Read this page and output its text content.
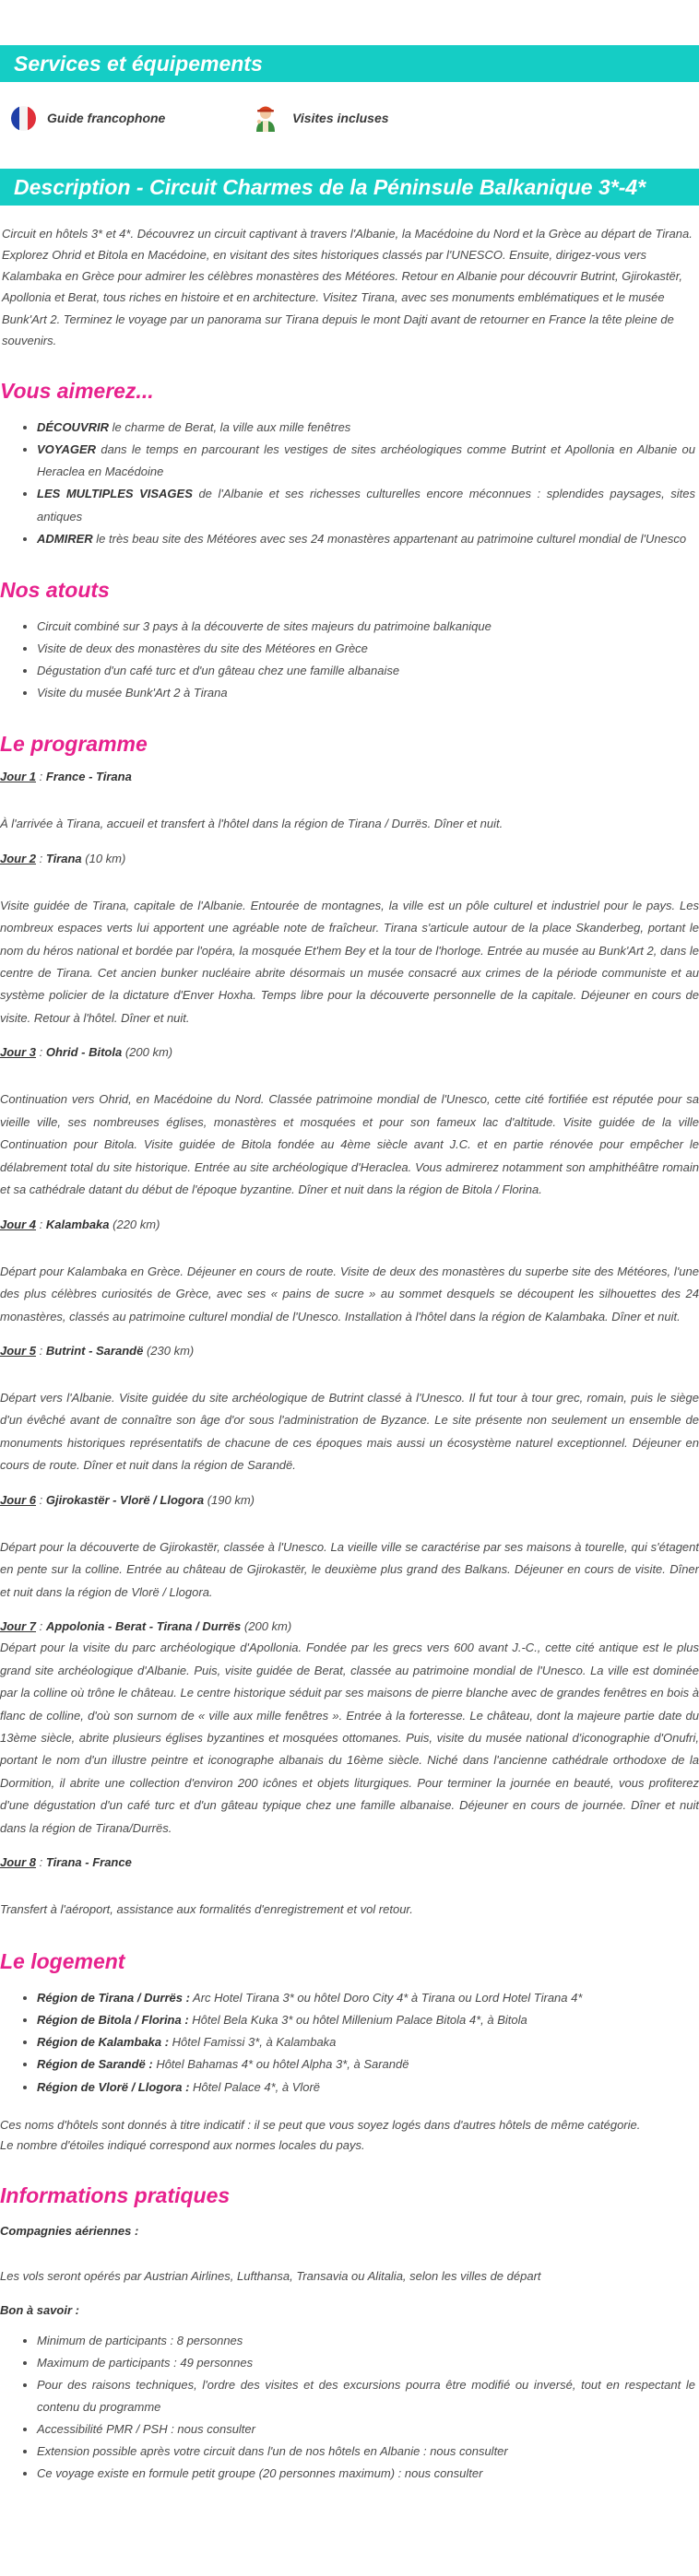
Services et équipements
Guide francophone	Visites incluses
Description - Circuit Charmes de la Péninsule Balkanique 3*-4*
Circuit en hôtels 3* et 4*. Découvrez un circuit captivant à travers l'Albanie, la Macédoine du Nord et la Grèce au départ de Tirana. Explorez Ohrid et Bitola en Macédoine, en visitant des sites historiques classés par l'UNESCO. Ensuite, dirigez-vous vers Kalambaka en Grèce pour admirer les célèbres monastères des Météores. Retour en Albanie pour découvrir Butrint, Gjirokastër, Apollonia et Berat, tous riches en histoire et en architecture. Visitez Tirana, avec ses monuments emblématiques et le musée Bunk'Art 2. Terminez le voyage par un panorama sur Tirana depuis le mont Dajti avant de retourner en France la tête pleine de souvenirs.
Vous aimerez...
• DÉCOUVRIR le charme de Berat, la ville aux mille fenêtres
• VOYAGER dans le temps en parcourant les vestiges de sites archéologiques comme Butrint et Apollonia en Albanie ou Heraclea en Macédoine
• LES MULTIPLES VISAGES de l'Albanie et ses richesses culturelles encore méconnues : splendides paysages, sites antiques
• ADMIRER le très beau site des Météores avec ses 24 monastères appartenant au patrimoine culturel mondial de l'Unesco
Nos atouts
• Circuit combiné sur 3 pays à la découverte de sites majeurs du patrimoine balkanique
• Visite de deux des monastères du site des Météores en Grèce
• Dégustation d'un café turc et d'un gâteau chez une famille albanaise
• Visite du musée Bunk'Art 2 à Tirana
Le programme
Jour 1 : France - Tirana

À l'arrivée à Tirana, accueil et transfert à l'hôtel dans la région de Tirana / Durrës. Dîner et nuit.

Jour 2 : Tirana (10 km)

Visite guidée de Tirana, capitale de l'Albanie. Entourée de montagnes, la ville est un pôle culturel et industriel pour le pays. Les nombreux espaces verts lui apportent une agréable note de fraîcheur. Tirana s'articule autour de la place Skanderbeg, portant le nom du héros national et bordée par l'opéra, la mosquée Et'hem Bey et la tour de l'horloge. Entrée au musée au Bunk'Art 2, dans le centre de Tirana. Cet ancien bunker nucléaire abrite désormais un musée consacré aux crimes de la période communiste et au système policier de la dictature d'Enver Hoxha. Temps libre pour la découverte personnelle de la capitale. Déjeuner en cours de visite. Retour à l'hôtel. Dîner et nuit.

Jour 3 : Ohrid - Bitola (200 km)

Continuation vers Ohrid, en Macédoine du Nord. Classée patrimoine mondial de l'Unesco, cette cité fortifiée est réputée pour sa vieille ville, ses nombreuses églises, monastères et mosquées et pour son fameux lac d'altitude. Visite guidée de la ville Continuation pour Bitola. Visite guidée de Bitola fondée au 4ème siècle avant J.C. et en partie rénovée pour empêcher le délabrement total du site historique. Entrée au site archéologique d'Heraclea. Vous admirerez notamment son amphithéâtre romain et sa cathédrale datant du début de l'époque byzantine. Dîner et nuit dans la région de Bitola / Florina.

Jour 4 : Kalambaka (220 km)

Départ pour Kalambaka en Grèce. Déjeuner en cours de route. Visite de deux des monastères du superbe site des Météores, l'une des plus célèbres curiosités de Grèce, avec ses « pains de sucre » au sommet desquels se découpent les silhouettes des 24 monastères, classés au patrimoine culturel mondial de l'Unesco. Installation à l'hôtel dans la région de Kalambaka. Dîner et nuit.

Jour 5 : Butrint - Sarandë (230 km)

Départ vers l'Albanie. Visite guidée du site archéologique de Butrint classé à l'Unesco. Il fut tour à tour grec, romain, puis le siège d'un évêché avant de connaître son âge d'or sous l'administration de Byzance. Le site présente non seulement un ensemble de monuments historiques représentatifs de chacune de ces époques mais aussi un écosystème naturel exceptionnel. Déjeuner en cours de route. Dîner et nuit dans la région de Sarandë.

Jour 6 : Gjirokastër - Vlorë / Llogora (190 km)

Départ pour la découverte de Gjirokastër, classée à l'Unesco. La vieille ville se caractérise par ses maisons à tourelle, qui s'étagent en pente sur la colline. Entrée au château de Gjirokastër, le deuxième plus grand des Balkans. Déjeuner en cours de visite. Dîner et nuit dans la région de Vlorë / Llogora.

Jour 7 : Appolonia - Berat - Tirana / Durrës (200 km)

Départ pour la visite du parc archéologique d'Apollonia. Fondée par les grecs vers 600 avant J.-C., cette cité antique est le plus grand site archéologique d'Albanie. Puis, visite guidée de Berat, classée au patrimoine mondial de l'Unesco. La ville est dominée par la colline où trône le château. Le centre historique séduit par ses maisons de pierre blanche avec de grandes fenêtres en bois à flanc de colline, d'où son surnom de « ville aux mille fenêtres ». Entrée à la forteresse. Le château, dont la majeure partie date du 13ème siècle, abrite plusieurs églises byzantines et mosquées ottomanes. Puis, visite du musée national d'iconographie d'Onufri, portant le nom d'un illustre peintre et iconographe albanais du 16ème siècle. Niché dans l'ancienne cathédrale orthodoxe de la Dormition, il abrite une collection d'environ 200 icônes et objets liturgiques. Pour terminer la journée en beauté, vous profiterez d'une dégustation d'un café turc et d'un gâteau typique chez une famille albanaise. Déjeuner en cours de journée. Dîner et nuit dans la région de Tirana/Durrës.

Jour 8 : Tirana - France

Transfert à l'aéroport, assistance aux formalités d'enregistrement et vol retour.

Le logement
• Région de Tirana / Durrës : Arc Hotel Tirana 3* ou hôtel Doro City 4* à Tirana ou Lord Hotel Tirana 4*
• Région de Bitola / Florina : Hôtel Bela Kuka 3* ou hôtel Millenium Palace Bitola 4*, à Bitola
• Région de Kalambaka : Hôtel Famissi 3*, à Kalambaka
• Région de Sarandë : Hôtel Bahamas 4* ou hôtel Alpha 3*, à Sarandë
• Région de Vlorë / Llogora : Hôtel Palace 4*, à Vlorë
Ces noms d'hôtels sont donnés à titre indicatif : il se peut que vous soyez logés dans d'autres hôtels de même catégorie.
Le nombre d'étoiles indiqué correspond aux normes locales du pays.
Informations pratiques
Compagnies aériennes :
Les vols seront opérés par Austrian Airlines, Lufthansa, Transavia ou Alitalia, selon les villes de départ
Bon à savoir :
• Minimum de participants : 8 personnes
• Maximum de participants : 49 personnes
• Pour des raisons techniques, l'ordre des visites et des excursions pourra être modifié ou inversé, tout en respectant le contenu du programme
• Accessibilité PMR / PSH : nous consulter
• Extension possible après votre circuit dans l'un de nos hôtels en Albanie : nous consulter
• Ce voyage existe en formule petit groupe (20 personnes maximum) : nous consulter
